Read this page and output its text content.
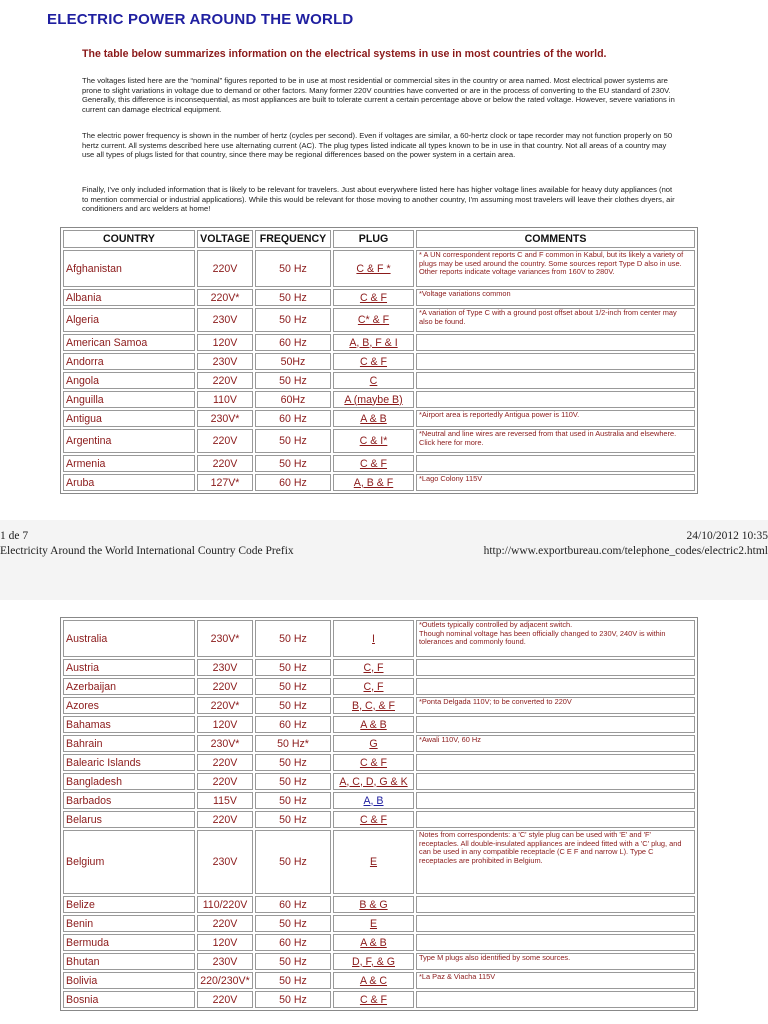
ELECTRIC POWER AROUND THE WORLD
The table below summarizes information on the electrical systems in use in most countries of the world.
The voltages listed here are the “nominal” figures reported to be in use at most residential or commercial sites in the country or area named. Most electrical power systems are prone to slight variations in voltage due to demand or other factors. Many former 220V countries have converted or are in the process of converting to the EU standard of 230V. Generally, this difference is inconsequential, as most appliances are built to tolerate current a certain percentage above or below the rated voltage. However, severe variations in current can damage electrical equipment.
The electric power frequency is shown in the number of hertz (cycles per second). Even if voltages are similar, a 60-hertz clock or tape recorder may not function properly on 50 hertz current. All systems described here use alternating current (AC). The plug types listed indicate all types known to be in use in that country. Not all areas of a country may use all types of plugs listed for that country, since there may be regional differences based on the power system in a certain area.
Finally, I've only included information that is likely to be relevant for travelers. Just about everywhere listed here has higher voltage lines available for heavy duty appliances (not to mention commercial or industrial applications). While this would be relevant for those moving to another country, I'm assuming most travelers will leave their clothes dryers, air conditioners and arc welders at home!
COUNTRY	VOLTAGE	FREQUENCY	PLUG	COMMENTS
Afghanistan	220V	50 Hz	C & F *	* A UN correspondent reports C and F common in Kabul, but its likely a variety of plugs may be used around the country. Some sources report Type D also in use. Other reports indicate voltage variances from 160V to 280V.
Albania	220V*	50 Hz	C & F	*Voltage variations common
Algeria	230V	50 Hz	C* & F	*A variation of Type C with a ground post offset about 1/2-inch from center may also be found.
American Samoa	120V	60 Hz	A, B, F & I	
Andorra	230V	50Hz	C & F	
Angola	220V	50 Hz	C	
Anguilla	110V	60Hz	A (maybe B)	
Antigua	230V*	60 Hz	A & B	*Airport area is reportedly Antigua power is 110V.
Argentina	220V	50 Hz	C & I*	*Neutral and line wires are reversed from that used in Australia and elsewhere. Click here for more.
Armenia	220V	50 Hz	C & F	
Aruba	127V*	60 Hz	A, B & F	*Lago Colony 115V
1 de 7	24/10/2012 10:35
Electricity Around the World International Country Code Prefix	http://www.exportbureau.com/telephone_codes/electric2.html
Australia	230V*	50 Hz	I	*Outlets typically controlled by adjacent switch.
Though nominal voltage has been officially changed to 230V, 240V is within tolerances and commonly found.
Austria	230V	50 Hz	C, F	
Azerbaijan	220V	50 Hz	C, F	
Azores	220V*	50 Hz	B, C, & F	*Ponta Delgada 110V; to be converted to 220V
Bahamas	120V	60 Hz	A & B	
Bahrain	230V*	50 Hz*	G	*Awali 110V, 60 Hz
Balearic Islands	220V	50 Hz	C & F	
Bangladesh	220V	50 Hz	A, C, D, G & K	
Barbados	115V	50 Hz	A, B	
Belarus	220V	50 Hz	C & F	
Belgium	230V	50 Hz	E	Notes from correspondents: a 'C' style plug can be used with 'E' and 'F' receptacles. All double-insulated appliances are indeed fitted with a 'C' plug, and can be used in any compatible receptacle (C E F and narrow L). Type C receptacles are prohibited in Belgium.
Belize	110/220V	60 Hz	B & G	
Benin	220V	50 Hz	E	
Bermuda	120V	60 Hz	A & B	
Bhutan	230V	50 Hz	D, F, & G	Type M plugs also identified by some sources.
Bolivia	220/230V*	50 Hz	A & C	*La Paz & Viacha 115V
Bosnia	220V	50 Hz	C & F	
